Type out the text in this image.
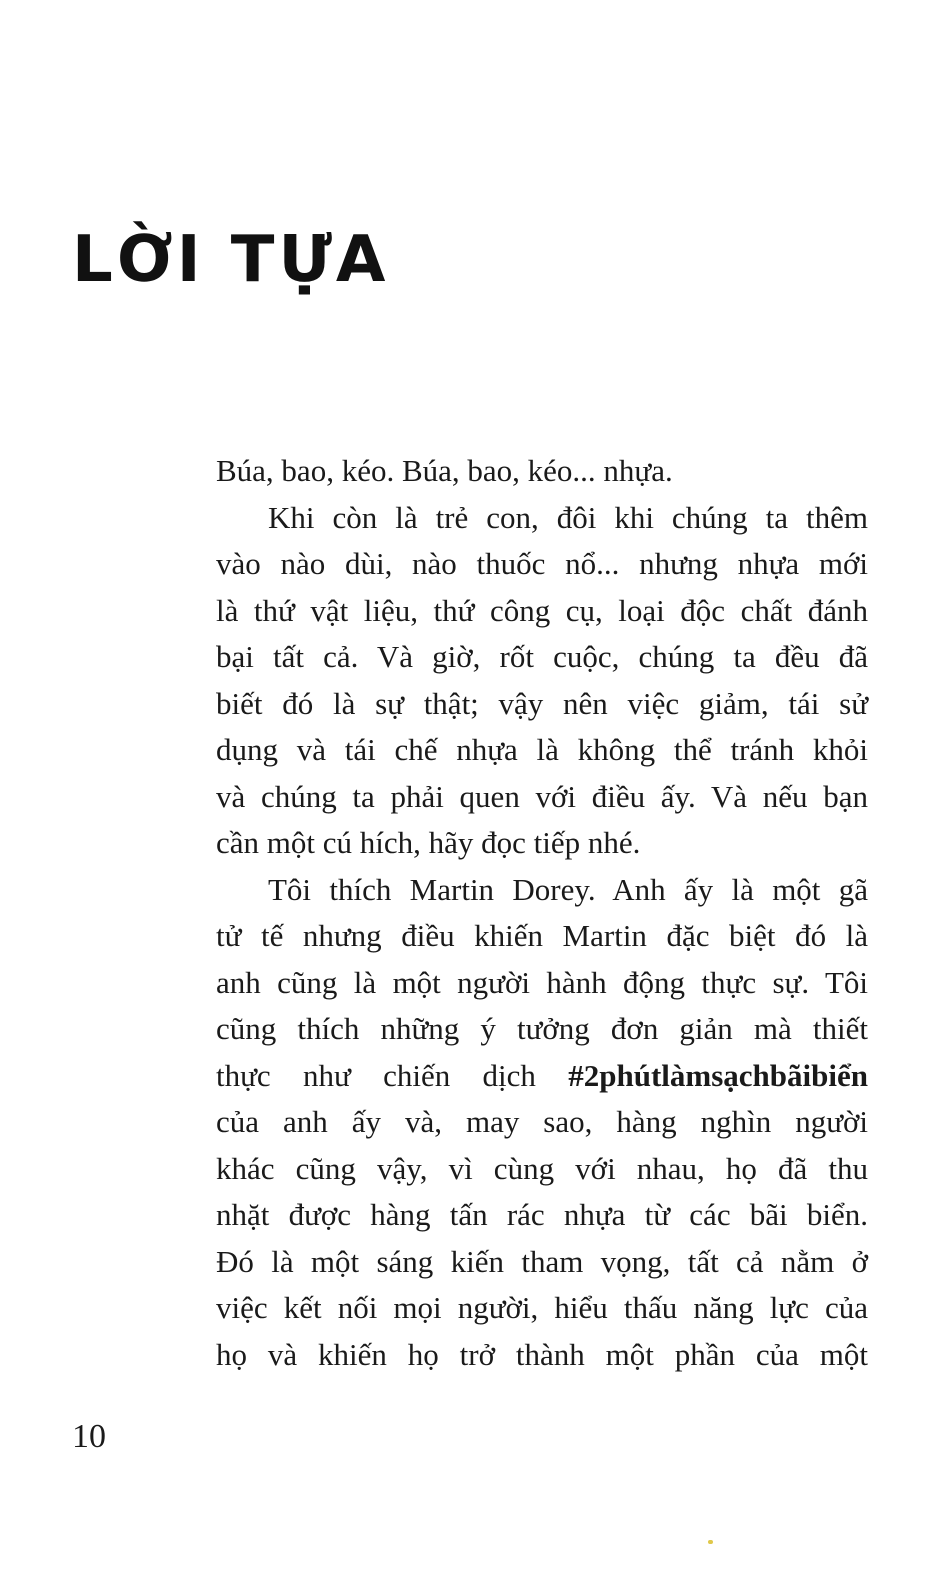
LỜI TỰA

Búa, bao, kéo. Búa, bao, kéo... nhựa.

Khi còn là trẻ con, đôi khi chúng ta thêm
vào nào dùi, nào thuốc nổ... nhưng nhựa mới
là thứ vật liệu, thứ công cụ, loại độc chất đánh
bại tất cả. Và giờ, rốt cuộc, chúng ta đều đã
biết đó là sự thật; vậy nên việc giảm, tái sử
dụng và tái chế nhựa là không thể tránh khỏi
và chúng ta phải quen với điều ấy. Và nếu bạn
cần một cú hích, hãy đọc tiếp nhé.

Tôi thích Martin Dorey. Anh ấy là một gã
tử tế nhưng điều khiến Martin đặc biệt đó là
anh cũng là một người hành động thực sự. Tôi
cũng thích những ý tưởng đơn giản mà thiết
thực như chiến dịch #2phútlàmsạchbãibiển
của anh ấy và, may sao, hàng nghìn người
khác cũng vậy, vì cùng với nhau, họ đã thu
nhặt được hàng tấn rác nhựa từ các bãi biển.
Đó là một sáng kiến tham vọng, tất cả nằm ở
việc kết nối mọi người, hiểu thấu năng lực của
họ và khiến họ trở thành một phần của một

10
